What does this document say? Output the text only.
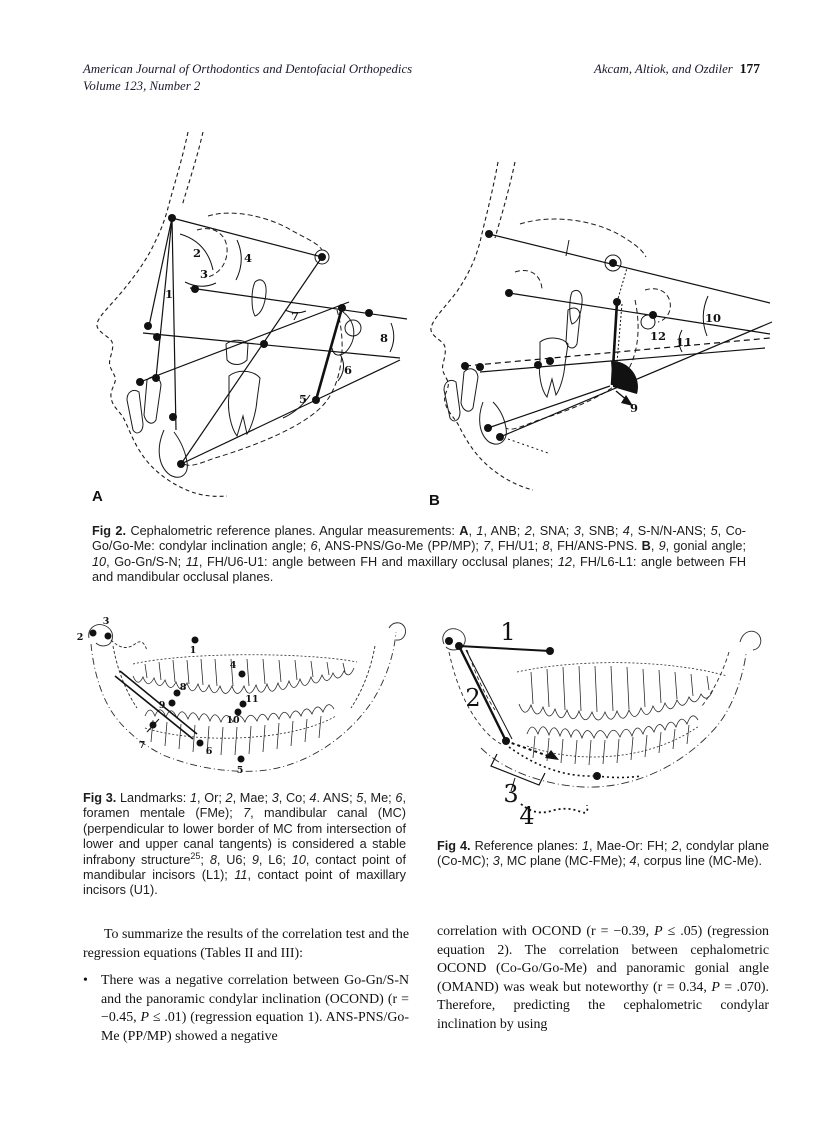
American Journal of Orthodontics and Dentofacial Orthopedics
Volume 123, Number 2
Akcam, Altiok, and Ozdiler 177
1
2
3
4
5
6
7
8
A
9
10
11
12
B
Fig 2. Cephalometric reference planes. Angular measurements: A, 1, ANB; 2, SNA; 3, SNB; 4, S-N/N-ANS; 5, Co-Go/Go-Me: condylar inclination angle; 6, ANS-PNS/Go-Me (PP/MP); 7, FH/U1; 8, FH/ANS-PNS. B, 9, gonial angle; 10, Go-Gn/S-N; 11, FH/U6-U1: angle between FH and maxillary occlusal planes; 12, FH/L6-L1: angle between FH and mandibular occlusal planes.
1
2
3
4
5
6
7
8
9
10
11
Fig 3. Landmarks: 1, Or; 2, Mae; 3, Co; 4. ANS; 5, Me; 6, foramen mentale (FMe); 7, mandibular canal (MC) (perpendicular to lower border of MC from intersection of lower and upper canal tangents) is considered a stable infrabony structure$^{25}$; 8, U6; 9, L6; 10, contact point of mandibular incisors (L1); 11, contact point of maxillary incisors (U1).
1
2
3
4
Fig 4. Reference planes: 1, Mae-Or: FH; 2, condylar plane (Co-MC); 3, MC plane (MC-FMe); 4, corpus line (MC-Me).

To summarize the results of the correlation test and the regression equations (Tables II and III):

• There was a negative correlation between Go-Gn/S-N and the panoramic condylar inclination (OCOND) (r = −0.45, P ≤ .01) (regression equation 1). ANS-PNS/Go-Me (PP/MP) showed a negative

correlation with OCOND (r = −0.39, P ≤ .05) (regression equation 2). The correlation between cephalometric OCOND (Co-Go/Go-Me) and panoramic gonial angle (OMAND) was weak but noteworthy (r = 0.34, P = .070). Therefore, predicting the cephalometric condylar inclination by using
